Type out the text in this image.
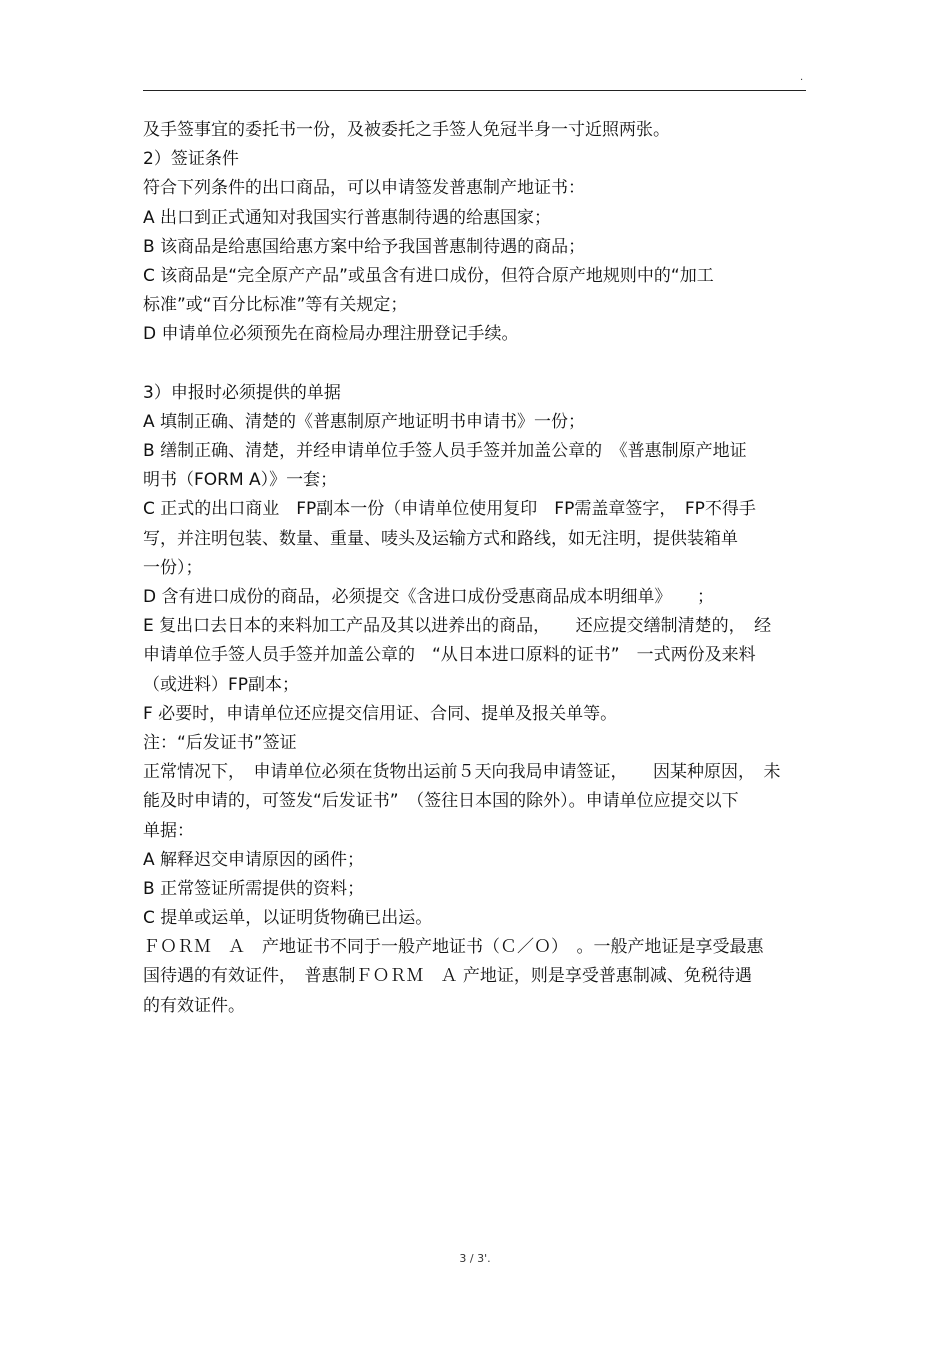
.
及手签事宜的委托书一份，及被委托之手签人免冠半身一寸近照两张。
2）签证条件
符合下列条件的出口商品，可以申请签发普惠制产地证书：
A 出口到正式通知对我国实行普惠制待遇的给惠国家；
B 该商品是给惠国给惠方案中给予我国普惠制待遇的商品；
C 该商品是“完全原产产品”或虽含有进口成份，但符合原产地规则中的“加工
标准”或“百分比标准”等有关规定；
D 申请单位必须预先在商检局办理注册登记手续。
3）申报时必须提供的单据
A 填制正确、清楚的《普惠制原产地证明书申请书》一份；
B 缮制正确、清楚，并经申请单位手签人员手签并加盖公章的　《普惠制原产地证
明书（FORM A）》一套；
C 正式的出口商业　FP副本一份（申请单位使用复印　FP需盖章签字，　FP不得手
写，并注明包装、数量、重量、唛头及运输方式和路线，如无注明，提供装箱单
一份）；
D 含有进口成份的商品，必须提交《含进口成份受惠商品成本明细单》　　；
E 复出口去日本的来料加工产品及其以进养出的商品，　　还应提交缮制清楚的，　经
申请单位手签人员手签并加盖公章的　“从日本进口原料的证书”　一式两份及来料
（或进料）FP副本；
F 必要时，申请单位还应提交信用证、合同、提单及报关单等。
注：“后发证书”签证
正常情况下，　申请单位必须在货物出运前５天向我局申请签证，　　因某种原因，　未
能及时申请的，可签发“后发证书”　（签往日本国的除外）。申请单位应提交以下
单据：
A 解释迟交申请原因的函件；
B 正常签证所需提供的资料；
C 提单或运单，以证明货物确已出运。
ＦＯＲＭ　Ａ　产地证书不同于一般产地证书（Ｃ／Ｏ）　。一般产地证是享受最惠
国待遇的有效证件，　普惠制ＦＯＲＭ　Ａ 产地证，则是享受普惠制减、免税待遇
的有效证件。
3 / 3'.
